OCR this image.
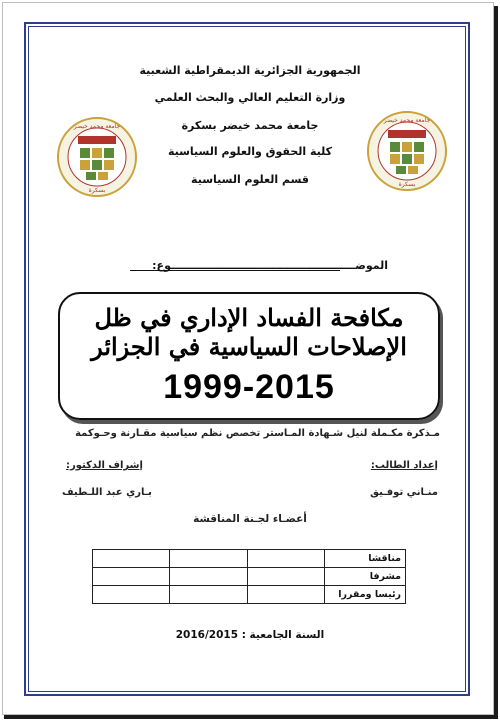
جامعة محمد خيضر
بسكرة
جامعة محمد خيضر
بسكرة
الجمهورية الجزائرية الديمقراطية الشعبية
وزارة التعليم العالي والبحث العلمي
جامعة محمد خيضر بسكرة
كلية الحقوق والعلوم السياسية
قسم العلوم السياسية
الموضـــــــــــــــــــــــــــــــــــــــــــــــــوع:
مكافحة الفساد الإداري في ظل الإصلاحات السياسية في الجزائر
1999-2015
مـذكرة مكـملة لنيل شـهادة المـاستر تخصص نظم سياسية مقـارنة وحـوكمة
إعداد الطالب:
منـاني توفـيق
إشراف الدكتور:
بـاري عبد اللـطيف
أعضـاء لجـنة المناقشة
			مناقشا
			مشرفا
			رئيسا ومقررا
السنة الجامعية : 2016/2015
